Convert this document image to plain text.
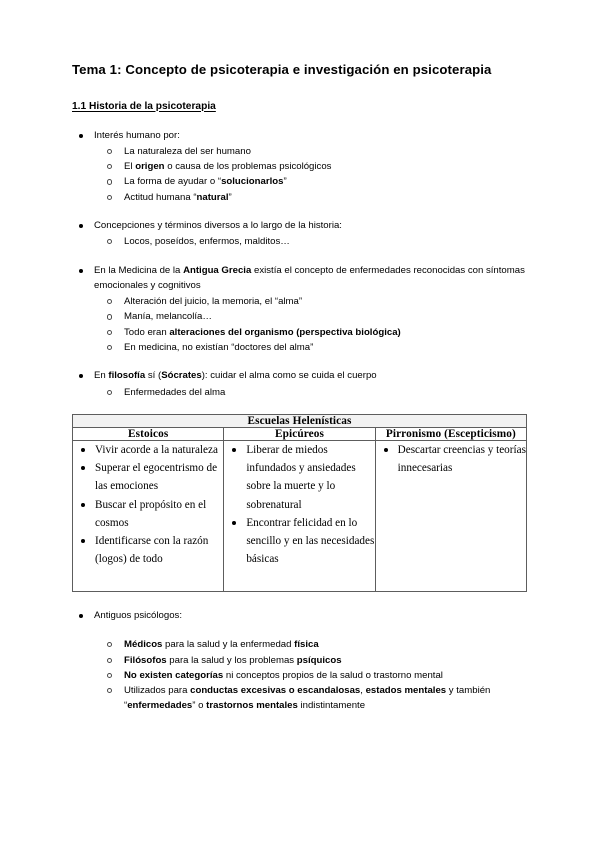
Tema 1: Concepto de psicoterapia e investigación en psicoterapia
1.1 Historia de la psicoterapia
Interés humano por:
La naturaleza del ser humano
El origen o causa de los problemas psicológicos
La forma de ayudar o “solucionarlos”
Actitud humana “natural”
Concepciones y términos diversos a lo largo de la historia:
Locos, poseídos, enfermos, malditos…
En la Medicina de la Antigua Grecia existía el concepto de enfermedades reconocidas con síntomas emocionales y cognitivos
Alteración del juicio, la memoria, el “alma”
Manía, melancolía…
Todo eran alteraciones del organismo (perspectiva biológica)
En medicina, no existían “doctores del alma”
En filosofía sí (Sócrates): cuidar el alma como se cuida el cuerpo
Enfermedades del alma
Escuelas Helenísticas		
Estoicos	Epicúreos	Pirronismo (Escepticismo)

Vivir acorde a la naturaleza
Superar el egocentrismo de las emociones
Buscar el propósito en el cosmos
Identificarse con la razón (logos) de todo

Liberar de miedos infundados y ansiedades sobre la muerte y lo sobrenatural
Encontrar felicidad en lo sencillo y en las necesidades básicas

Descartar creencias y teorías innecesarias
Antiguos psicólogos:
Médicos para la salud y la enfermedad física
Filósofos para la salud y los problemas psíquicos
No existen categorías ni conceptos propios de la salud o trastorno mental
Utilizados para conductas excesivas o escandalosas, estados mentales y también “enfermedades” o trastornos mentales indistintamente
